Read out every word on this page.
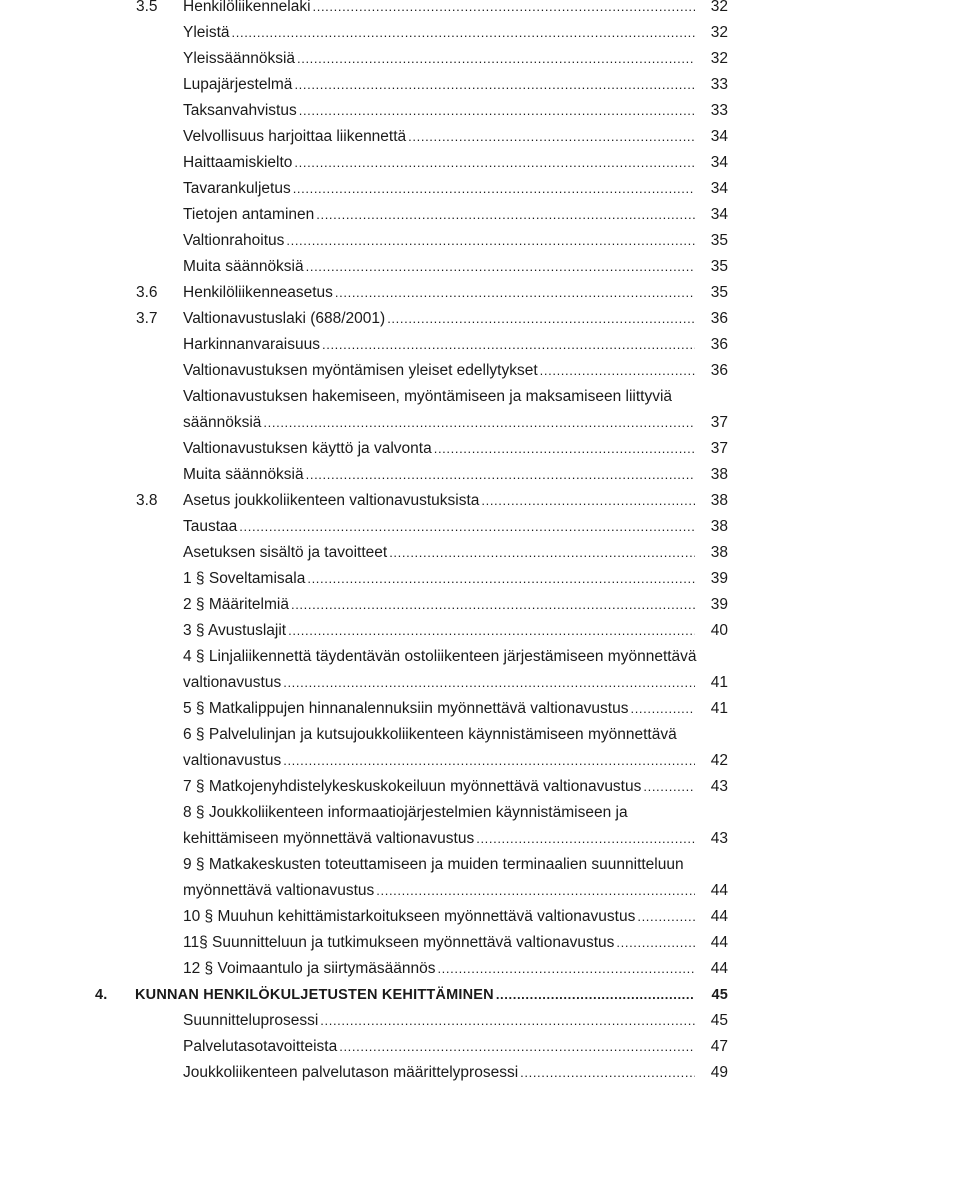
3.5 Henkilöliikennelaki . . .	32
Yleistä . . .	32
Yleissäännöksiä . . .	32
Lupajärjestelmä . . .	33
Taksanvahvistus . . .	33
Velvollisuus harjoittaa liikennettä . . .	34
Haittaamiskielto . . .	34
Tavarankuljetus . . .	34
Tietojen antaminen . . .	34
Valtionrahoitus . . .	35
Muita säännöksiä . . .	35
3.6 Henkilöliikenneasetus . . .	35
3.7 Valtionavustuslaki (688/2001) . . .	36
Harkinnanvaraisuus . . .	36
Valtionavustuksen myöntämisen yleiset edellytykset . . .	36
Valtionavustuksen hakemiseen, myöntämiseen ja maksamiseen liittyviä
säännöksiä . . .	37
Valtionavustuksen käyttö ja valvonta . . .	37
Muita säännöksiä . . .	38
3.8 Asetus joukkoliikenteen valtionavustuksista . . .	38
Taustaa . . .	38
Asetuksen sisältö ja tavoitteet . . .	38
1 § Soveltamisala . . .	39
2 § Määritelmiä . . .	39
3 § Avustuslajit . . .	40
4 § Linjaliikennettä täydentävän ostoliikenteen järjestämiseen myönnettävä
valtionavustus . . .	41
5 § Matkalippujen hinnanalennuksiin myönnettävä valtionavustus . . .	41
6 § Palvelulinjan ja kutsujoukkoliikenteen käynnistämiseen myönnettävä
valtionavustus . . .	42
7 § Matkojenyhdistelykeskuskokeiluun myönnettävä valtionavustus . . .	43
8 § Joukkoliikenteen informaatiojärjestelmien käynnistämiseen ja
kehittämiseen myönnettävä valtionavustus . . .	43
9 § Matkakeskusten toteuttamiseen ja muiden terminaalien suunnitteluun
myönnettävä valtionavustus . . .	44
10 § Muuhun kehittämistarkoitukseen myönnettävä valtionavustus . . .	44
11§ Suunnitteluun ja tutkimukseen myönnettävä valtionavustus . . .	44
12 § Voimaantulo ja siirtymäsäännös . . .	44
4. KUNNAN HENKILÖKULJETUSTEN KEHITTÄMINEN . . .	45
Suunnitteluprosessi . . .	45
Palvelutasotavoitteista . . .	47
Joukkoliikenteen palvelutason määrittelyprosessi . . .	49
